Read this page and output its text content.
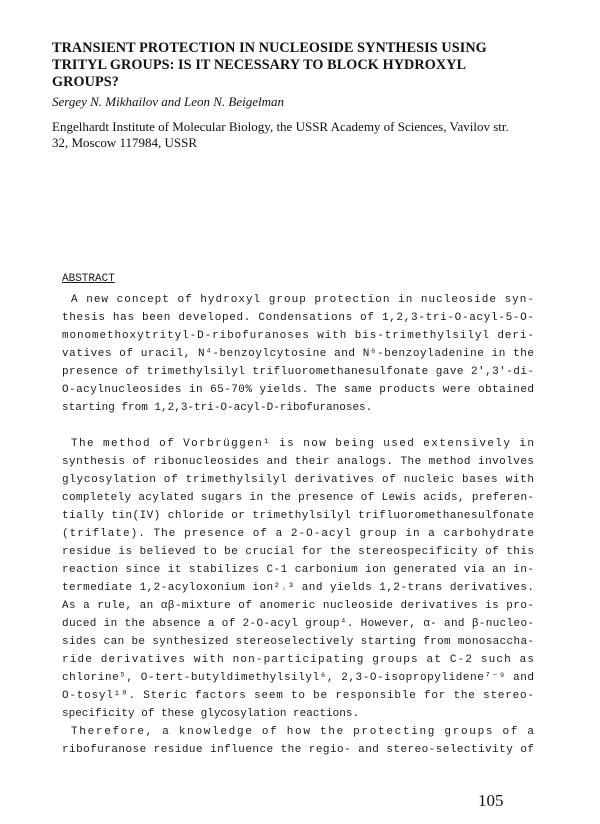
TRANSIENT PROTECTION IN NUCLEOSIDE SYNTHESIS USING TRITYL GROUPS: IS IT NECESSARY TO BLOCK HYDROXYL GROUPS?

Sergey N. Mikhailov and Leon N. Beigelman

Engelhardt Institute of Molecular Biology, the USSR Academy of Sciences, Vavilov str. 32, Moscow 117984, USSR

ABSTRACT

A new concept of hydroxyl group protection in nucleoside syn-

thesis has been developed. Condensations of 1,2,3-tri-O-acyl-5-O-

monomethoxytrityl-D-ribofuranoses with bis-trimethylsilyl deri-

vatives of uracil, N⁴-benzoylcytosine and N⁶-benzoyladenine in the

presence of trimethylsilyl trifluoromethanesulfonate gave 2',3'-di-

O-acylnucleosides in 65-70% yields. The same products were obtained

starting from 1,2,3-tri-O-acyl-D-ribofuranoses.

The method of Vorbrüggen¹ is now being used extensively in

synthesis of ribonucleosides and their analogs. The method involves

glycosylation of trimethylsilyl derivatives of nucleic bases with

completely acylated sugars in the presence of Lewis acids, preferen-

tially tin(IV) chloride or trimethylsilyl trifluoromethanesulfonate

(triflate). The presence of a 2-O-acyl group in a carbohydrate

residue is believed to be crucial for the stereospecificity of this

reaction since it stabilizes C-1 carbonium ion generated via an in-

termediate 1,2-acyloxonium ion²˒³ and yields 1,2-trans derivatives.

As a rule, an αβ-mixture of anomeric nucleoside derivatives is pro-

duced in the absence a of 2-O-acyl group⁴. However, α- and β-nucleo-

sides can be synthesized stereoselectively starting from monosaccha-

ride derivatives with non-participating groups at C-2 such as

chlorine⁵, O-tert-butyldimethylsilyl⁶, 2,3-O-isopropylidene⁷⁻⁹ and

O-tosyl¹⁰. Steric factors seem to be responsible for the stereo-

specificity of these glycosylation reactions.

Therefore, a knowledge of how the protecting groups of a

ribofuranose residue influence the regio- and stereo-selectivity of

105
